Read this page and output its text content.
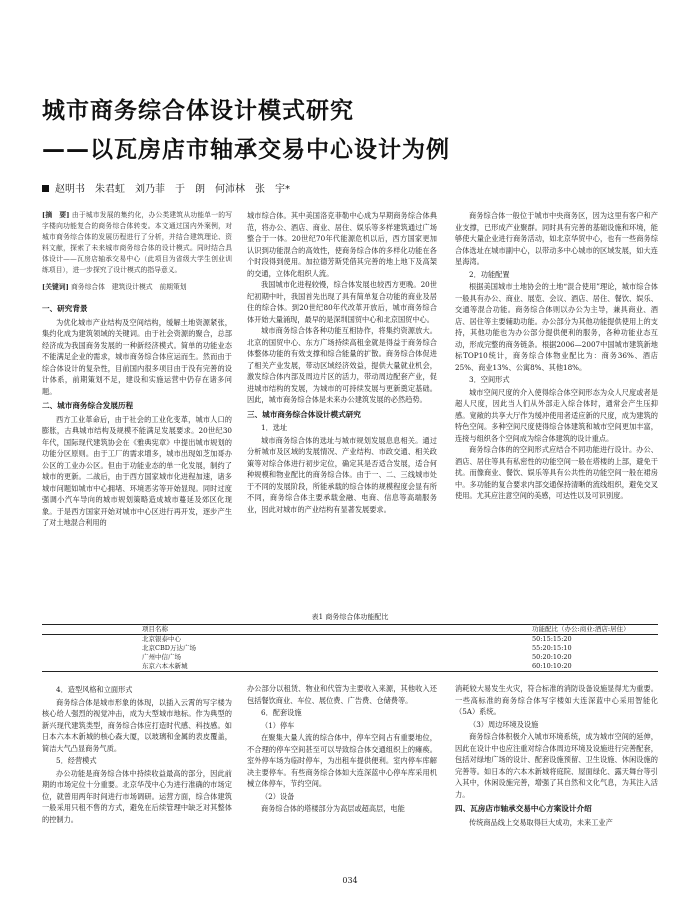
城市商务综合体设计模式研究
——以瓦房店市轴承交易中心设计为例
赵明书　朱君虹　刘乃菲　于　朗　何沛林　张　宇*

[摘　要] 由于城市发展的集约化，办公类建筑从功能单一的写字楼向功能复合的商务综合体转变。本文通过国内外案例，对城市商务综合体的发展历程进行了分析，并结合建筑理论、资料文献，探索了未来城市商务综合体的设计模式。同时结合具体设计——瓦房店轴承交易中心（此项目为省级大学生创业训练项目），进一步探究了设计模式的指导意义。

[关键词] 商务综合体　建筑设计模式　前期策划

一、研究背景

为优化城市产业结构及空间结构，缓解土地资源紧张，集约化成为建筑领域的关键词。由于社会资源的聚合，总部经济成为我国商务发展的一种新经济模式。简单的功能业态不能满足企业的需求，城市商务综合体应运而生。然而由于综合体设计的复杂性，目前国内很多项目由于没有完善的设计体系，前期策划不足，建设和实施运营中仍存在诸多问题。

二、城市商务综合发展历程

西方工业革命后，由于社会的工业化变革，城市人口的膨胀，古典城市结构及规模不能满足发展要求。20世纪30年代，国际现代建筑协会在《雅典宪章》中提出城市规划的功能分区原则。由于工厂的需求增多，城市出现如芝加哥办公区的工业办公区。但由于功能业态的单一化发展，制约了城市的更新。二战后，由于西方国家城市化进程加速，诸多城市问题如城市中心拥堵、环境恶劣等开始显现。同时过度强调小汽车导向的城市规划策略造成城市蔓延及郊区化现象。于是西方国家开始对城市中心区进行再开发，逐步产生了对土地混合利用的

城市综合体。其中美国洛克菲勒中心成为早期商务综合体典范，将办公、酒店、商业、居住、娱乐等多样建筑通过广场整合于一体。20世纪70年代能源危机以后，西方国家更加认识到功能混合的高效性，使商务综合体的多样化功能在各个时段得到使用。加拉德芳斯凭借其完善的地上地下及高架的交通，立体化组织人流。

我国城市化进程较慢，综合体发展也较西方更晚。20世纪初期中叶，我国首先出现了具有简单复合功能的商业及居住的综合体。到20世纪80年代改革开放后，城市商务综合体开始大量涌现，最早的是深圳国贸中心和北京国贸中心。

城市商务综合体各种功能互相协作，将集约资源放大。北京的国贸中心、东方广场持续高租金就是得益于商务综合体整体功能的有效支撑和综合能量的扩散。商务综合体促进了相关产业发展，带动区域经济效益，提供大量就业机会，激发综合体内部及周边片区的活力，带动周边配套产业，促进城市结构的发展，为城市的可持续发展与更新奠定基础。因此，城市商务综合体是未来办公建筑发展的必然趋势。

三、城市商务综合体设计模式研究
1．选址

城市商务综合体的选址与城市规划发展息息相关。通过分析城市及区域的发展情况、产业结构、市政交通、相关政策等对综合体进行初步定位，确定其是否适合发展，适合何种规模和物业配比的商务综合体。由于一、二、三线城市处于不同的发展阶段，所能承载的综合体的规模程度会显有所不同，商务综合体主要承载金融、电商、信息等高端服务业，因此对城市的产业结构有显著发展要求。

商务综合体一般位于城市中央商务区，因为这里有客户和产业支撑，已形成产业聚群。同时具有完善的基础设施和环境，能够使大量企业进行商务活动，如北京华贸中心，也有一些商务综合体选址在城市副中心，以带动多中心城市的区域发展，如大连星海湾。

2．功能配置

根据美国城市土地协会的土地“混合使用”理论，城市综合体一般具有办公、商业、展览、会议、酒店、居住、餐饮、娱乐、交通等混合功能。商务综合体则以办公为主导，兼具商业、酒店、居住等主要辅助功能。办公部分为其他功能提供使用上的支持，其他功能也为办公部分提供便利的服务，各种功能业态互动，形成完整的商务链条。根据2006—2007中国城市建筑新地标TOP10统计，商务综合体物业配比为：商务36%、酒店25%、商业13%、公寓8%、其他18%。

3．空间形式

城市空间尺度的介入使得综合体空间形态为众人尺度或者是超人尺度，因此当人们从外部走入综合体时，通常会产生压抑感。宽敞的共享大厅作为缓冲使用者适应新的尺度，成为建筑的特色空间。多种空间尺度使得综合体建筑和城市空间更加丰富，连接与组织各个空间成为综合体建筑的设计重点。

商务综合体的的空间形式应结合不同功能进行设计。办公、酒店、居住等具有私密性的功能空间一般在塔楼的上部，避免干扰。而像商业、餐饮、娱乐等具有公共性的功能空间一般在裙房中。多功能的复合要求内部交通保持清晰的流线组织，避免交叉使用。尤其应注意空间的美感，可达性以及可识别度。

表1 商务综合体功能配比
项目名称	功能配比（办公:商业:酒店:居住）
北京银泰中心	50:15:15:20
北京CBD万达广场	55:20:15:10
广州中信广场	50:20:10:20
东京六本木新城	60:10:10:20
4．造型风格和立面形式

商务综合体是城市形象的体现，以插入云霄的写字楼为核心给人强烈的视觉冲击，成为大型城市地标。作为典型的新兴现代建筑类型，商务综合体应打造时代感、科技感。如日本六本木新城的核心森大厦，以玻璃和金属的表皮覆盖，简洁大气凸显商务气质。

5．经营模式

办公功能是商务综合体中持续收益最高的部分，因此前期的市场定位十分重要。北京华茂中心为进行准确的市场定位，就曾用两年时间进行市场调研。运营方面，综合体建筑一般采用只租不售的方式，避免在后续管理中缺乏对其整体的控制力。

办公部分以租赁、物业和代管为主要收入来源，其他收入还包括餐饮商业、车位、展位费、广告费、仓储费等。

6．配套设施
（1）停车

在聚集大量人流的综合体中，停车空间占有重要地位，不合理的停车空间甚至可以导致综合体交通组织上的瘫痪。室外停车场为临时停车，为出租车提供便利。室内停车库解决主要停车。有些商务综合体如大连深蓝中心停车库采用机械立体停车，节约空间。

（2）设备

商务综合体的塔楼部分为高层或超高层，电能

消耗较大易发生火灾，符合标准的消防设备设施显得尤为重要。一些高标准的商务综合体写字楼如大连深蓝中心采用智能化（5A）系统。

（3）周边环境及设施

商务综合体积极介入城市环境系统，成为城市空间的延伸，因此在设计中也应注重对综合体周边环境及设施进行完善配套，包括对绿地广场的设计、配套设施预留、卫生设施、休闲设施的完善等。如日本的六本木新城将庭院、屋面绿化、露天舞台等引入其中，休闲设施完善，增强了其自然和文化气息，为其注入活力。

四、瓦房店市轴承交易中心方案设计介绍

传统商品线上交易取得巨大成功，未来工业产

034
